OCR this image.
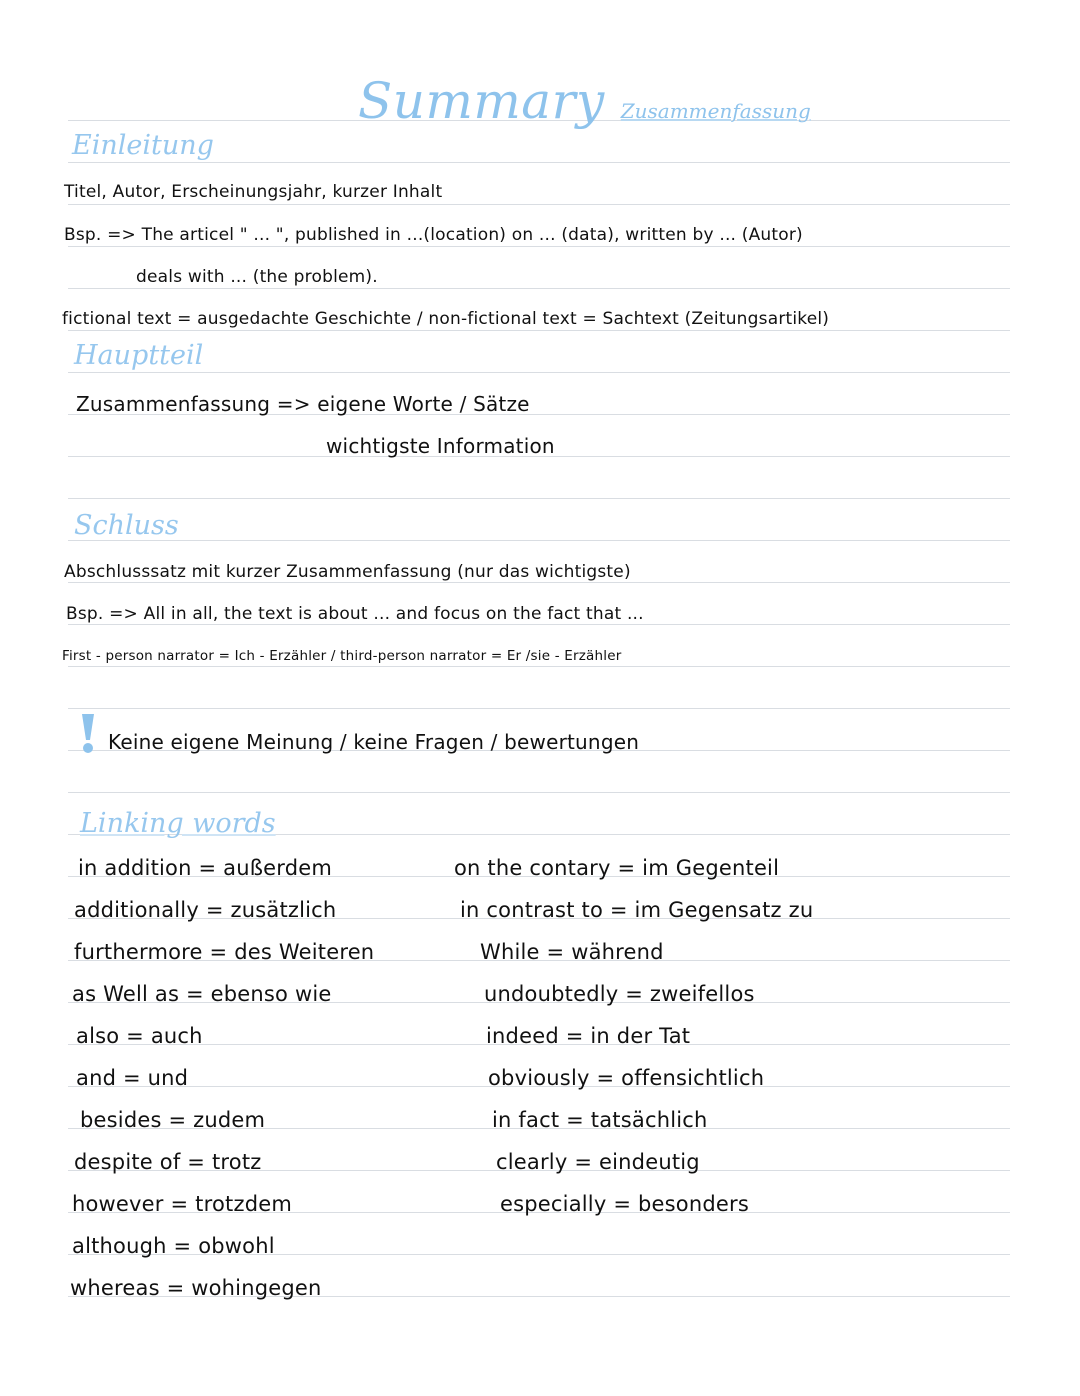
Summary Zusammenfassung
Einleitung
Titel, Autor, Erscheinungsjahr, kurzer Inhalt
Bsp. => The articel " ... ", published in ...(location) on ... (data), written by ... (Autor)
deals with ... (the problem).
fictional text = ausgedachte Geschichte / non-fictional text = Sachtext (Zeitungsartikel)
Hauptteil
Zusammenfassung => eigene Worte / Sätze
wichtigste Information
Schluss
Abschlusssatz mit kurzer Zusammenfassung (nur das wichtigste)
Bsp. => All in all, the text is about ... and focus on the fact that ...
First - person narrator = Ich - Erzähler / third-person narrator = Er /sie - Erzähler
Keine eigene Meinung / keine Fragen / bewertungen
Linking words
in addition = außerdem
additionally = zusätzlich
furthermore = des Weiteren
as Well as = ebenso wie
also = auch
and = und
besides = zudem
despite of = trotz
however = trotzdem
although = obwohl
whereas = wohingegen
on the contary = im Gegenteil
in contrast to = im Gegensatz zu
While = während
undoubtedly = zweifellos
indeed = in der Tat
obviously = offensichtlich
in fact = tatsächlich
clearly = eindeutig
especially = besonders
